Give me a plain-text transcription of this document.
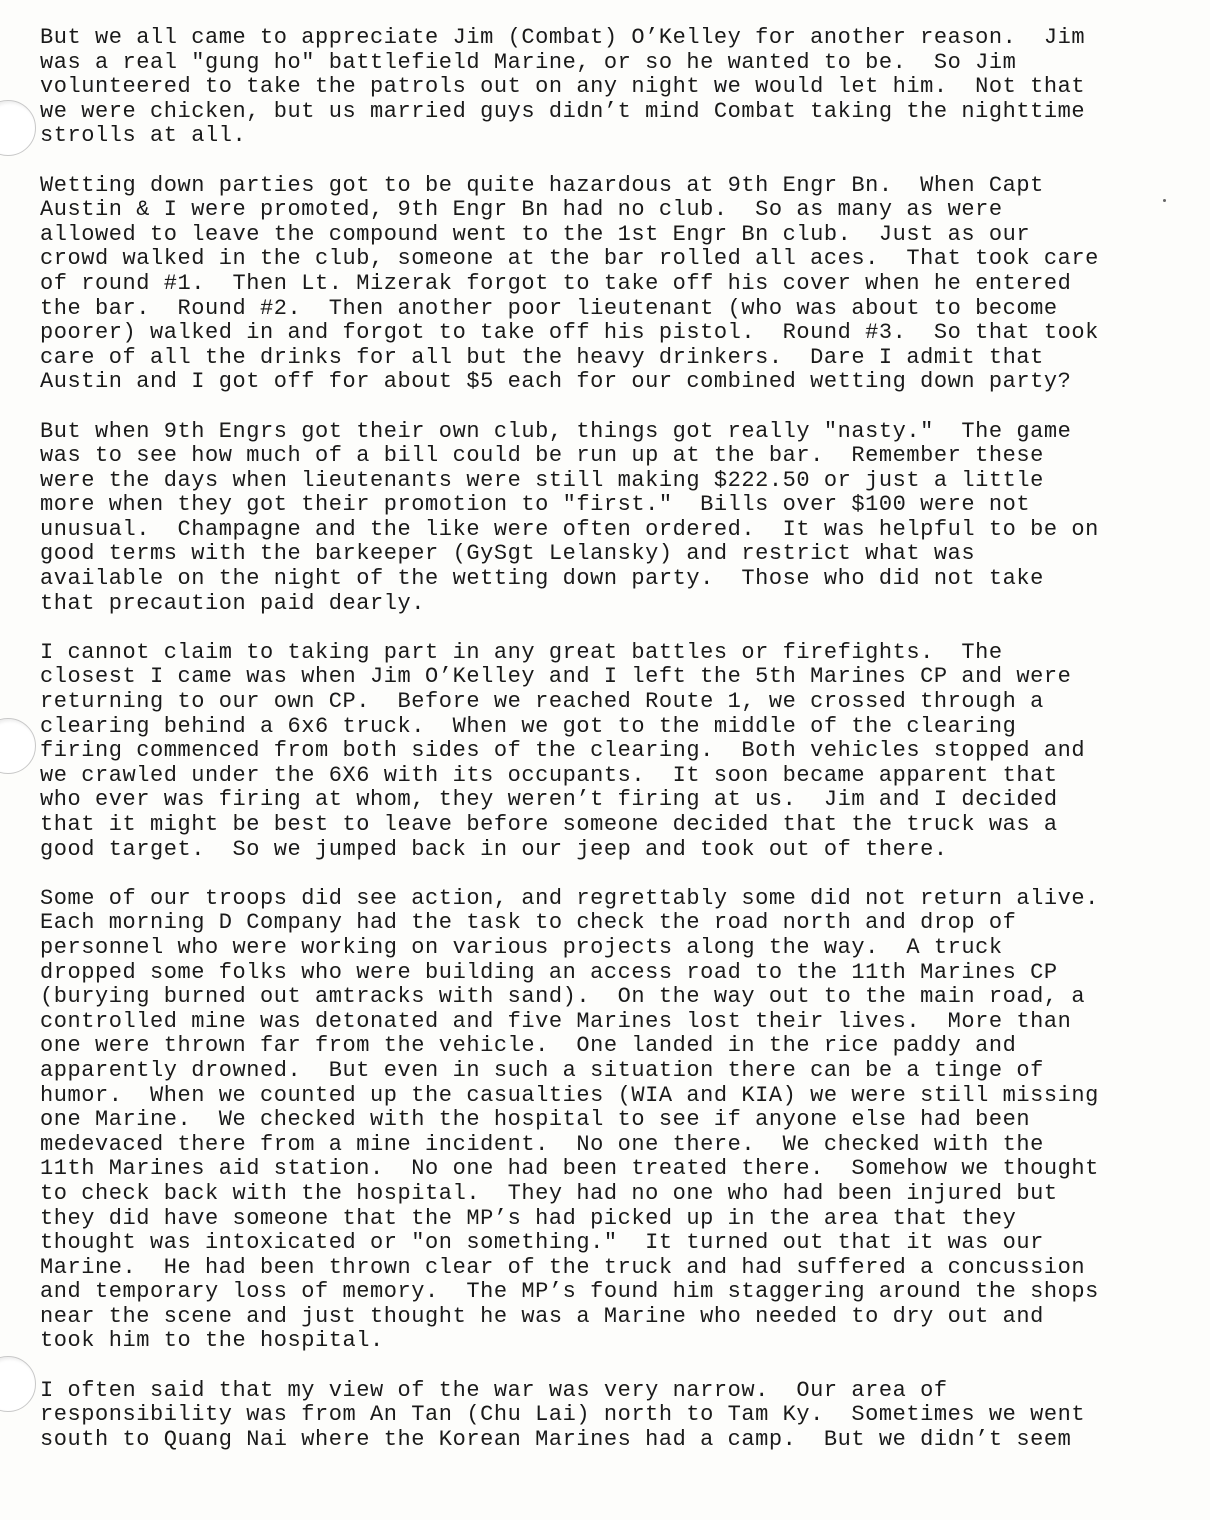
But we all came to appreciate Jim (Combat) O’Kelley for another reason.  Jim
was a real "gung ho" battlefield Marine, or so he wanted to be.  So Jim
volunteered to take the patrols out on any night we would let him.  Not that
we were chicken, but us married guys didn’t mind Combat taking the nighttime
strolls at all.
Wetting down parties got to be quite hazardous at 9th Engr Bn.  When Capt
Austin & I were promoted, 9th Engr Bn had no club.  So as many as were
allowed to leave the compound went to the 1st Engr Bn club.  Just as our
crowd walked in the club, someone at the bar rolled all aces.  That took care
of round #1.  Then Lt. Mizerak forgot to take off his cover when he entered
the bar.  Round #2.  Then another poor lieutenant (who was about to become
poorer) walked in and forgot to take off his pistol.  Round #3.  So that took
care of all the drinks for all but the heavy drinkers.  Dare I admit that
Austin and I got off for about $5 each for our combined wetting down party?
But when 9th Engrs got their own club, things got really "nasty."  The game
was to see how much of a bill could be run up at the bar.  Remember these
were the days when lieutenants were still making $222.50 or just a little
more when they got their promotion to "first."  Bills over $100 were not
unusual.  Champagne and the like were often ordered.  It was helpful to be on
good terms with the barkeeper (GySgt Lelansky) and restrict what was
available on the night of the wetting down party.  Those who did not take
that precaution paid dearly.
I cannot claim to taking part in any great battles or firefights.  The
closest I came was when Jim O’Kelley and I left the 5th Marines CP and were
returning to our own CP.  Before we reached Route 1, we crossed through a
clearing behind a 6x6 truck.  When we got to the middle of the clearing
firing commenced from both sides of the clearing.  Both vehicles stopped and
we crawled under the 6X6 with its occupants.  It soon became apparent that
who ever was firing at whom, they weren’t firing at us.  Jim and I decided
that it might be best to leave before someone decided that the truck was a
good target.  So we jumped back in our jeep and took out of there.
Some of our troops did see action, and regrettably some did not return alive.
Each morning D Company had the task to check the road north and drop of
personnel who were working on various projects along the way.  A truck
dropped some folks who were building an access road to the 11th Marines CP
(burying burned out amtracks with sand).  On the way out to the main road, a
controlled mine was detonated and five Marines lost their lives.  More than
one were thrown far from the vehicle.  One landed in the rice paddy and
apparently drowned.  But even in such a situation there can be a tinge of
humor.  When we counted up the casualties (WIA and KIA) we were still missing
one Marine.  We checked with the hospital to see if anyone else had been
medevaced there from a mine incident.  No one there.  We checked with the
11th Marines aid station.  No one had been treated there.  Somehow we thought
to check back with the hospital.  They had no one who had been injured but
they did have someone that the MP’s had picked up in the area that they
thought was intoxicated or "on something."  It turned out that it was our
Marine.  He had been thrown clear of the truck and had suffered a concussion
and temporary loss of memory.  The MP’s found him staggering around the shops
near the scene and just thought he was a Marine who needed to dry out and
took him to the hospital.
I often said that my view of the war was very narrow.  Our area of
responsibility was from An Tan (Chu Lai) north to Tam Ky.  Sometimes we went
south to Quang Nai where the Korean Marines had a camp.  But we didn’t seem
